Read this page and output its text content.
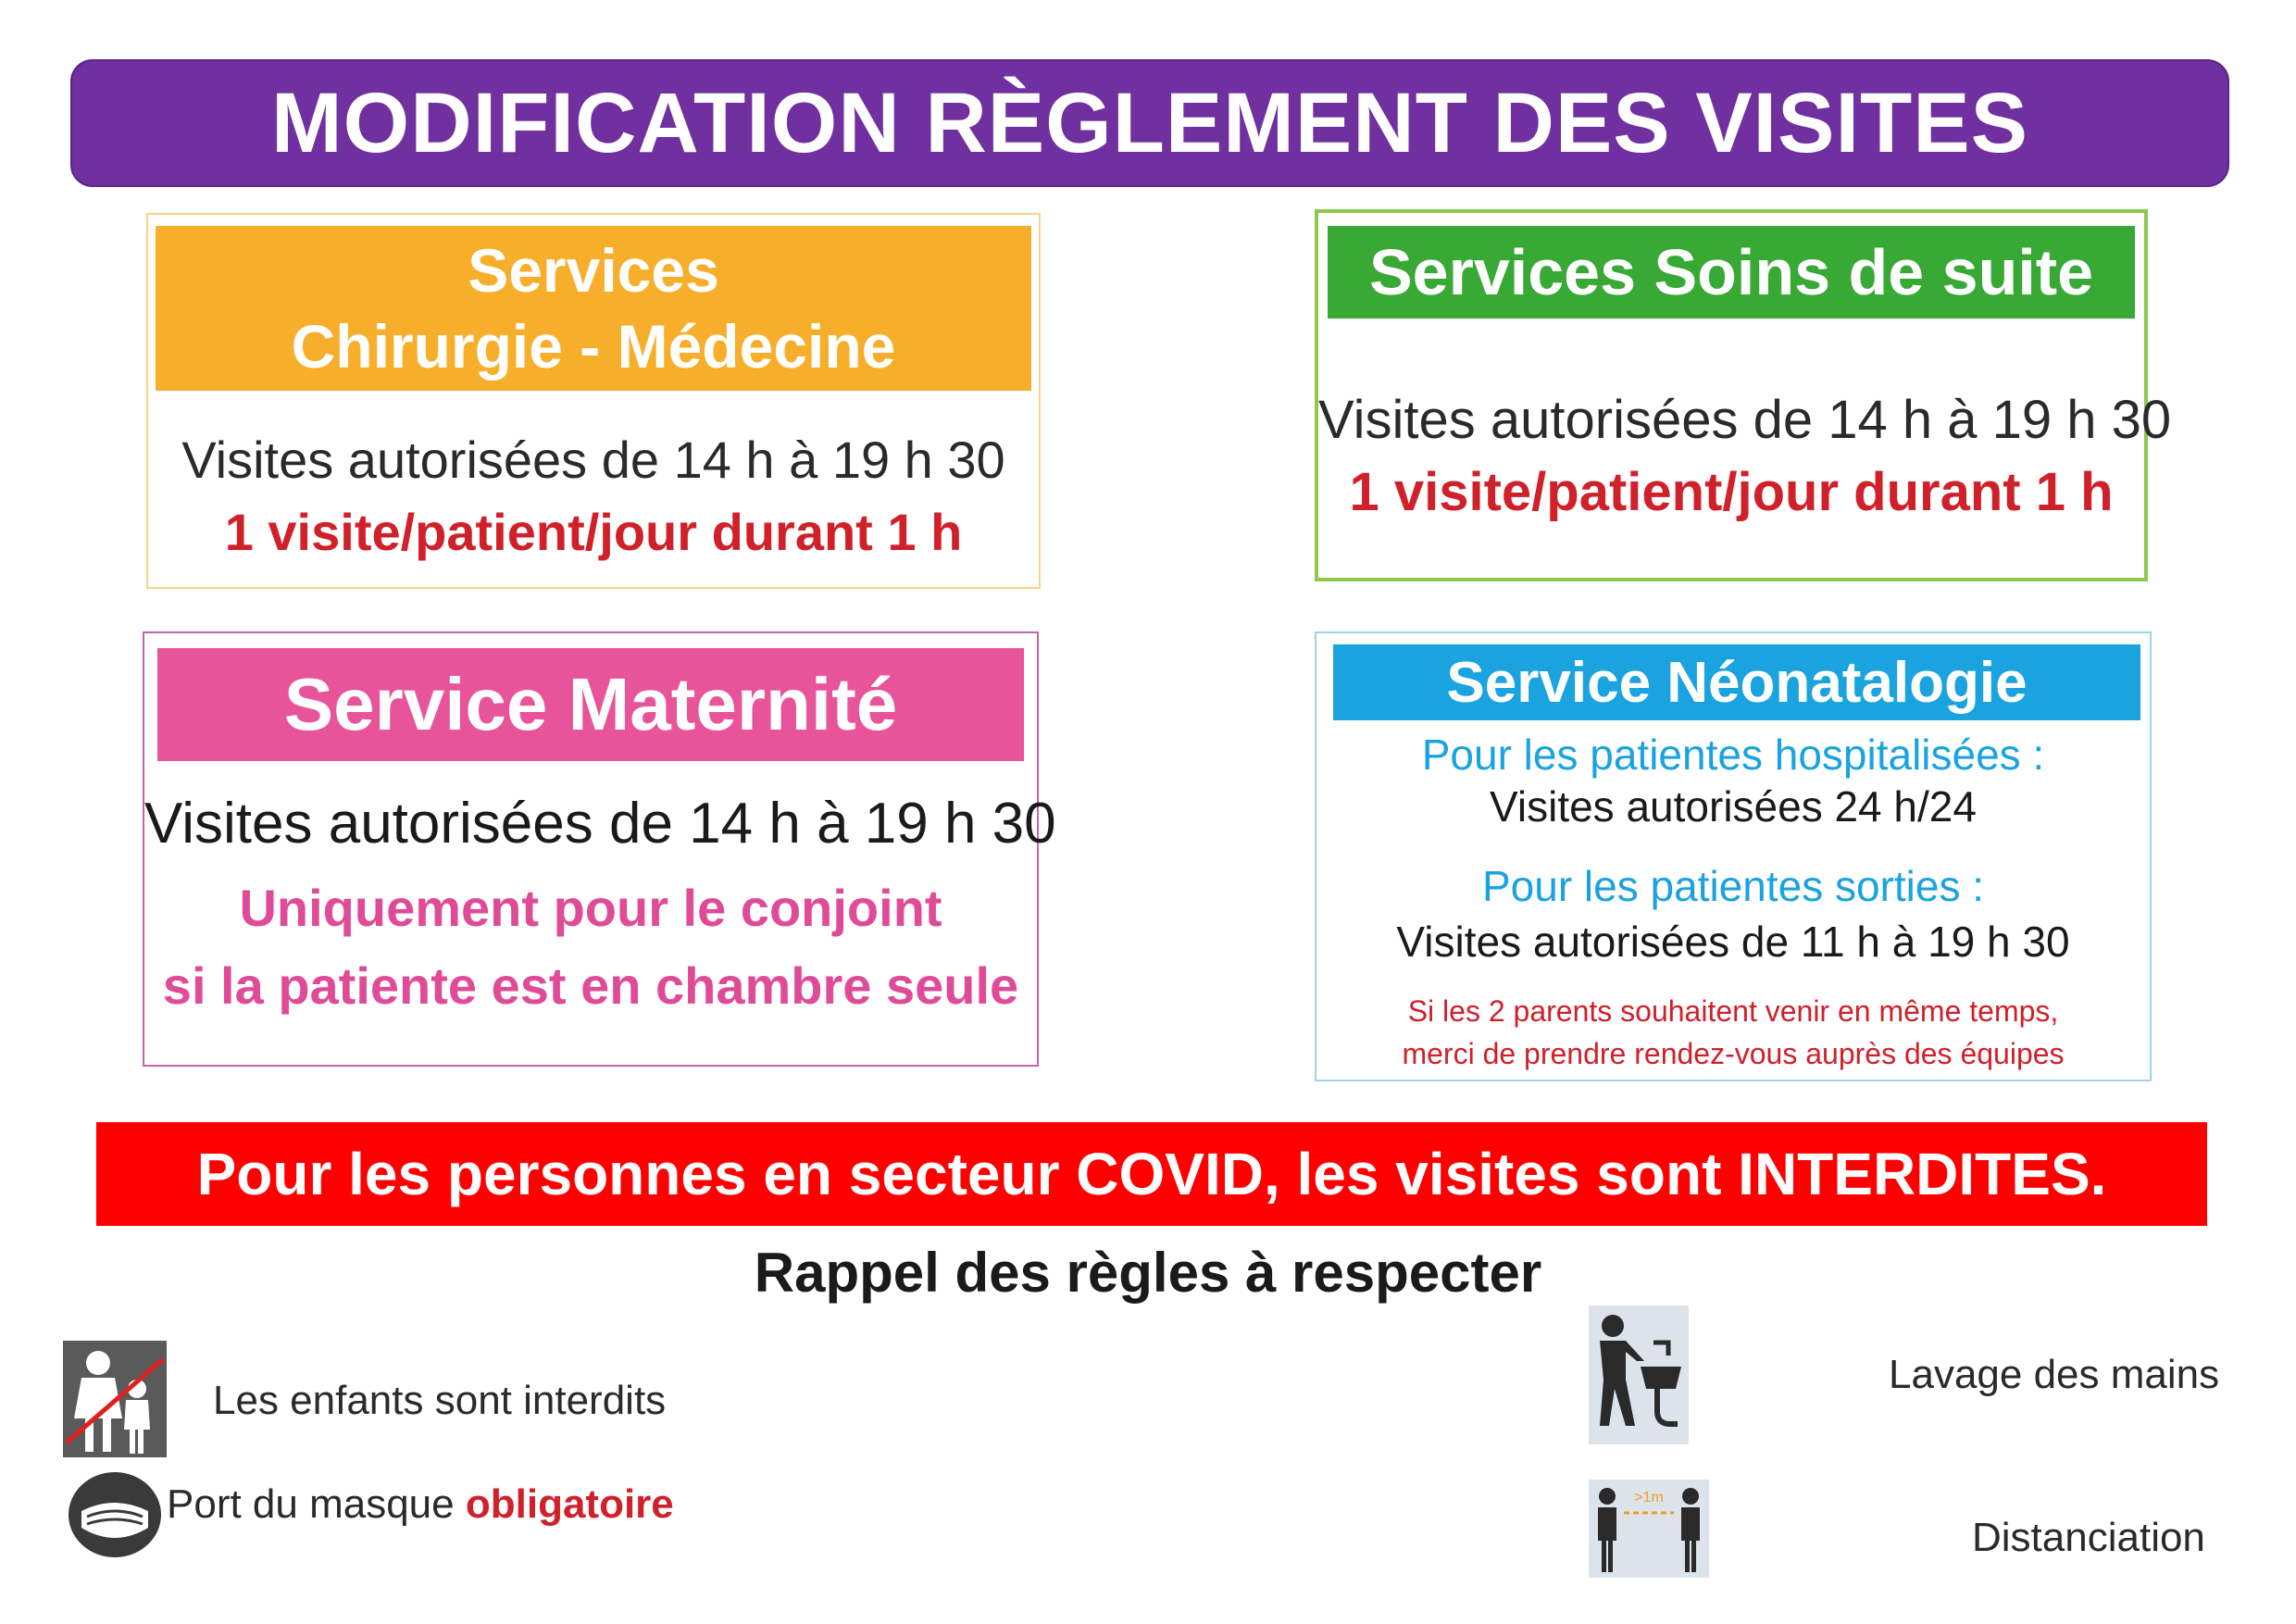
MODIFICATION RÈGLEMENT DES VISITES
Services
Chirurgie - Médecine
Visites autorisées de 14 h à 19 h 30
1 visite/patient/jour durant 1 h
Services Soins de suite
Visites autorisées de 14 h à 19 h 30
1 visite/patient/jour durant 1 h
Service Maternité
Visites autorisées de 14 h à 19 h 30
Uniquement pour le conjoint
si la patiente est en chambre seule
Service Néonatalogie
Pour les patientes hospitalisées :
Visites autorisées 24 h/24
Pour les patientes sorties :
Visites autorisées de 11 h à 19 h 30
Si les 2 parents souhaitent venir en même temps,
merci de prendre rendez-vous auprès des équipes
Pour les personnes en secteur COVID, les visites sont INTERDITES.
Rappel des règles à respecter
Les enfants sont interdits
Port du masque obligatoire
Lavage des mains
>1m
Distanciation
